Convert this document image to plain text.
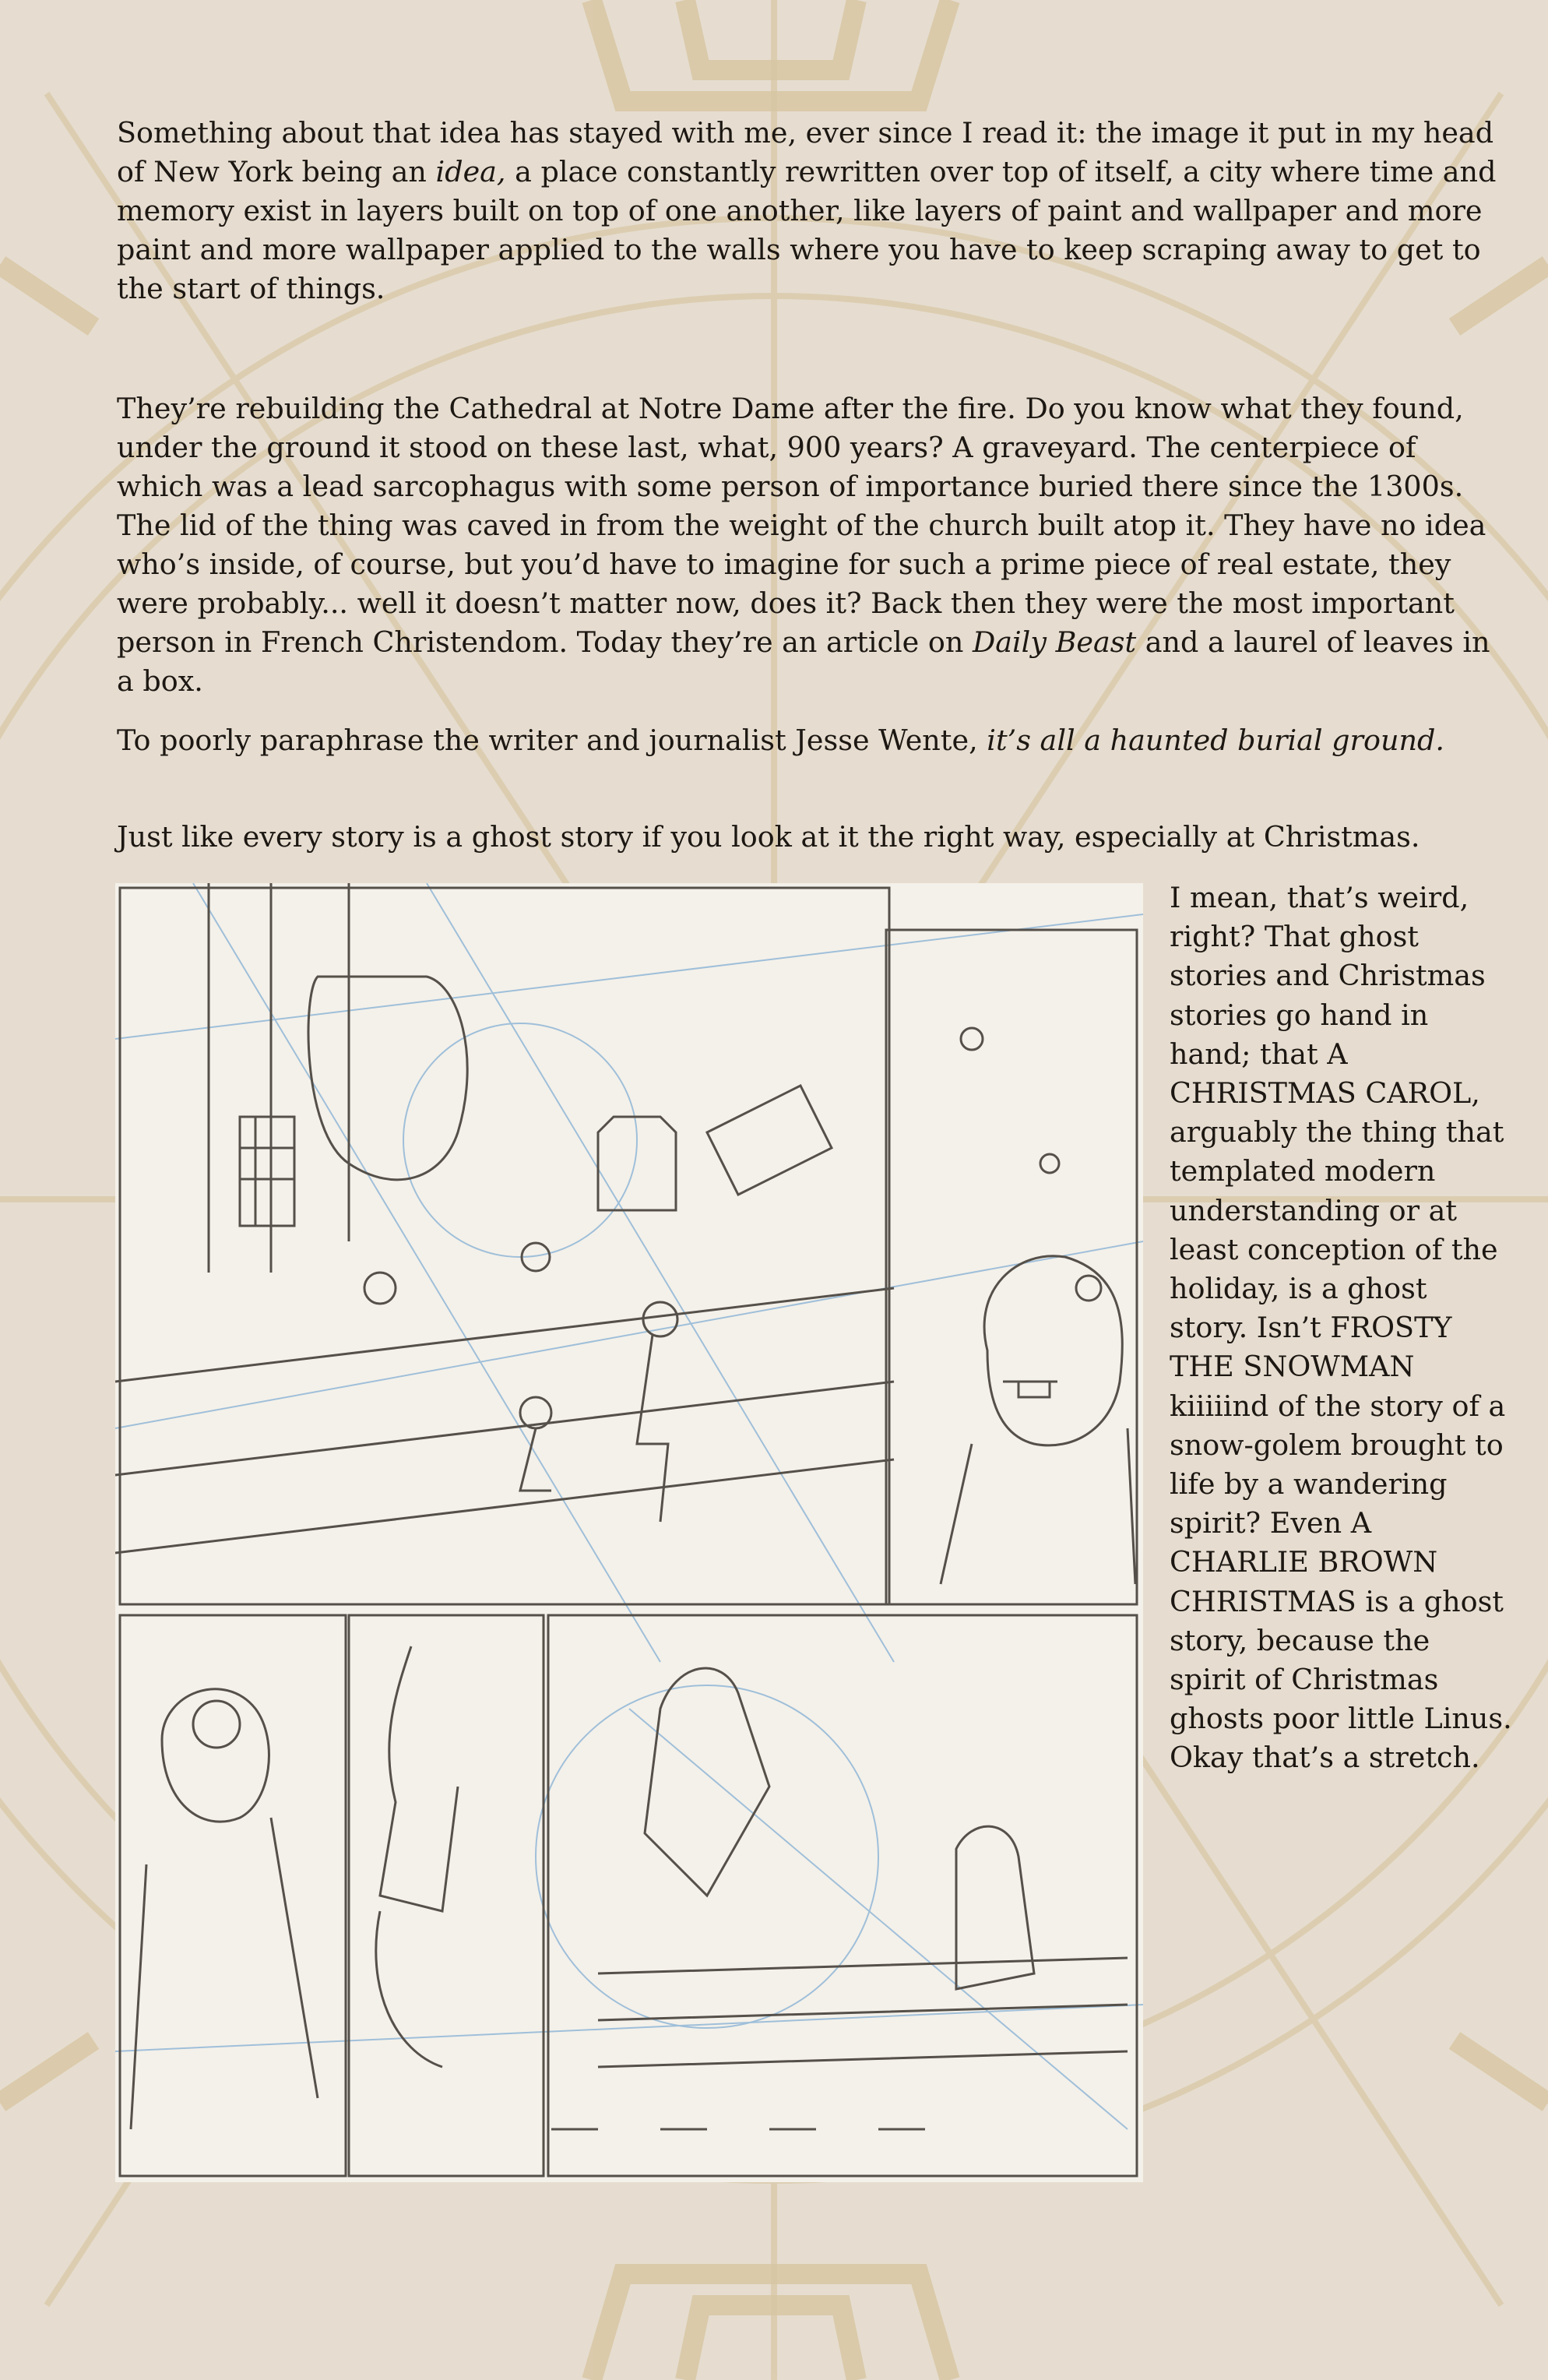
Something about that idea has stayed with me, ever since I read it: the image it put in my head of New York being an idea, a place constantly rewritten over top of itself, a city where time and memory exist in layers built on top of one another, like layers of paint and wallpaper and more paint and more wallpaper applied to the walls where you have to keep scraping away to get to the start of things.

They’re rebuilding the Cathedral at Notre Dame after the fire. Do you know what they found, under the ground it stood on these last, what, 900 years? A graveyard. The centerpiece of which was a lead sarcophagus with some person of importance buried there since the 1300s. The lid of the thing was caved in from the weight of the church built atop it. They have no idea who’s inside, of course, but you’d have to imagine for such a prime piece of real estate, they were probably... well it doesn’t matter now, does it? Back then they were the most important person in French Christendom. Today they’re an article on Daily Beast and a laurel of leaves in a box.

To poorly paraphrase the writer and journalist Jesse Wente, it’s all a haunted burial ground.

Just like every story is a ghost story if you look at it the right way, especially at Christmas.

I mean, that’s weird, right? That ghost stories and Christmas stories go hand in hand; that A CHRISTMAS CAROL, arguably the thing that templated modern understanding or at least conception of the holiday, is a ghost story. Isn’t FROSTY THE SNOWMAN kiiiiind of the story of a snow-golem brought to life by a wandering spirit? Even A CHARLIE BROWN CHRISTMAS is a ghost story, because the spirit of Christmas ghosts poor little Linus. Okay that’s a stretch.
